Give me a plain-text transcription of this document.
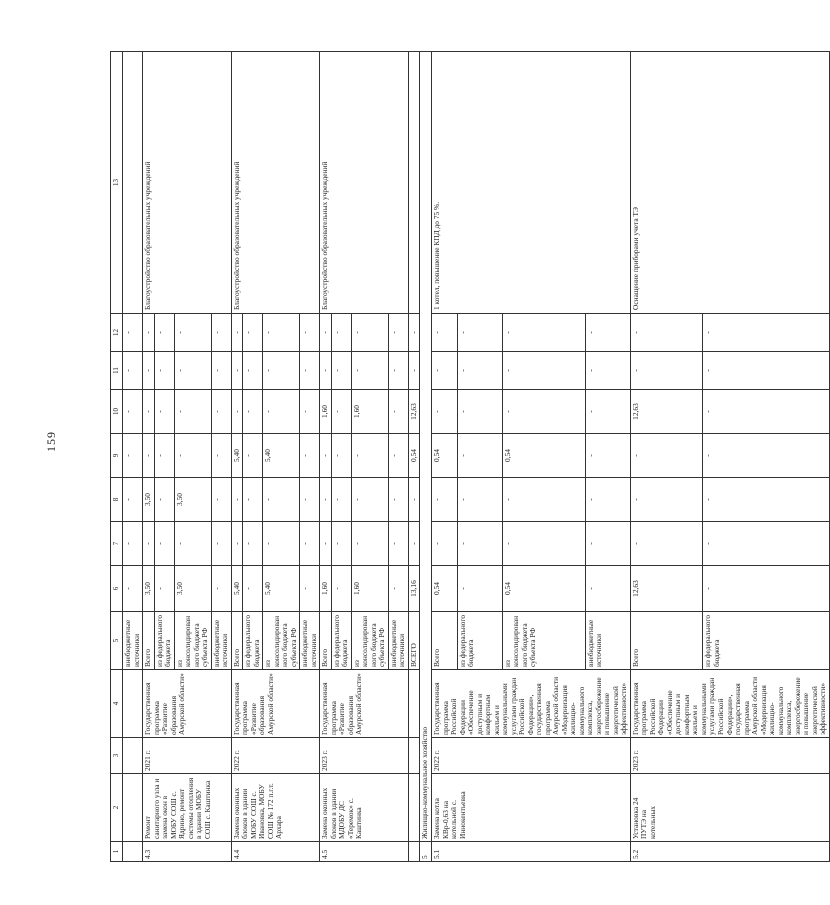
159
1	2	3	4	5	6	7	8	9	10	11	12	13
				внебюджетные источники	-	-	-	-	-	-	-	
4.3	Ремонт санитарного узла и замена окон в МОБУ СОШ с. Ядрино, ремонт системы отопления в здании МОБУ СОШ с. Каштинка	2021 г.	Государственная программа «Развитие образования Амурской области»	Всего	3,50	-	3,50	-	-	-	-	Благоустройство образовательных учреждений
				из федерального бюджета	-	-	-	-	-	-	-	
				из консолидированного бюджета субъекта РФ	3,50	-	3,50	-	-	-	-	
				внебюджетные источники	-	-	-	-	-	-	-	
4.4	Замена оконных блоков в здании МОБУ СОШ с. Ивановка, МОБУ СОШ № 172 п.г.т. Архара	2022 г.	Государственная программа «Развитие образования Амурской области»	Всего	5,40	-	-	5,40	-	-	-	Благоустройство образовательных учреждений
				из федерального бюджета	-	-	-	-	-	-	-	
				из консолидированного бюджета субъекта РФ	5,40	-	-	5,40	-	-	-	
				внебюджетные источники	-	-	-	-	-	-	-	
4.5	Замена оконных блоков в здании МДОБУ ДС «Теремок» с. Каштинка	2023 г.	Государственная программа «Развитие образования Амурской области»	Всего	1,60	-	-	-	1,60	-	-	Благоустройство образовательных учреждений
				из федерального бюджета	-	-	-	-	-	-	-	
				из консолидированного бюджета субъекта РФ	1,60	-	-	-	1,60	-	-	
				внебюджетные источники	-	-	-	-	-	-	-	
				ВСЕГО	13,16	-	-	0,54	12,63	-	-	
5	Жилищно-коммунальное хозяйство											
5.1	Замена котла КВр-0,63 на котельной с. Иннокентьевка	2022 г.	Государственная программа Российской Федерации «Обеспечение доступным и комфортным жильем и коммунальными услугами граждан Российской Федерации», государственная программа Амурской области «Модернизация жилищно-коммунального комплекса, энергосбережение и повышение энергетической эффективности»	Всего	0,54	-	-	0,54	-	-	-	1 котел, повышение КПД до 75 %.
				из федерального бюджета	-	-	-	-	-	-	-	
				из консолидированного бюджета субъекта РФ	0,54	-	-	0,54	-	-	-	
				внебюджетные источники	-	-	-	-	-	-	-	
5.2	Установка 24 ПУТЭ на котельных	2023 г.	Государственная программа Российской Федерации «Обеспечение доступным и комфортным жильем и коммунальными услугами граждан Российской Федерации», государственная программа Амурской области «Модернизация жилищно-коммунального комплекса, энергосбережение и повышение энергетической эффективности»	Всего	12,63	-	-	-	12,63	-	-	Оснащение приборами учета ТЭ
				из федерального бюджета	-	-	-	-	-	-	-	
